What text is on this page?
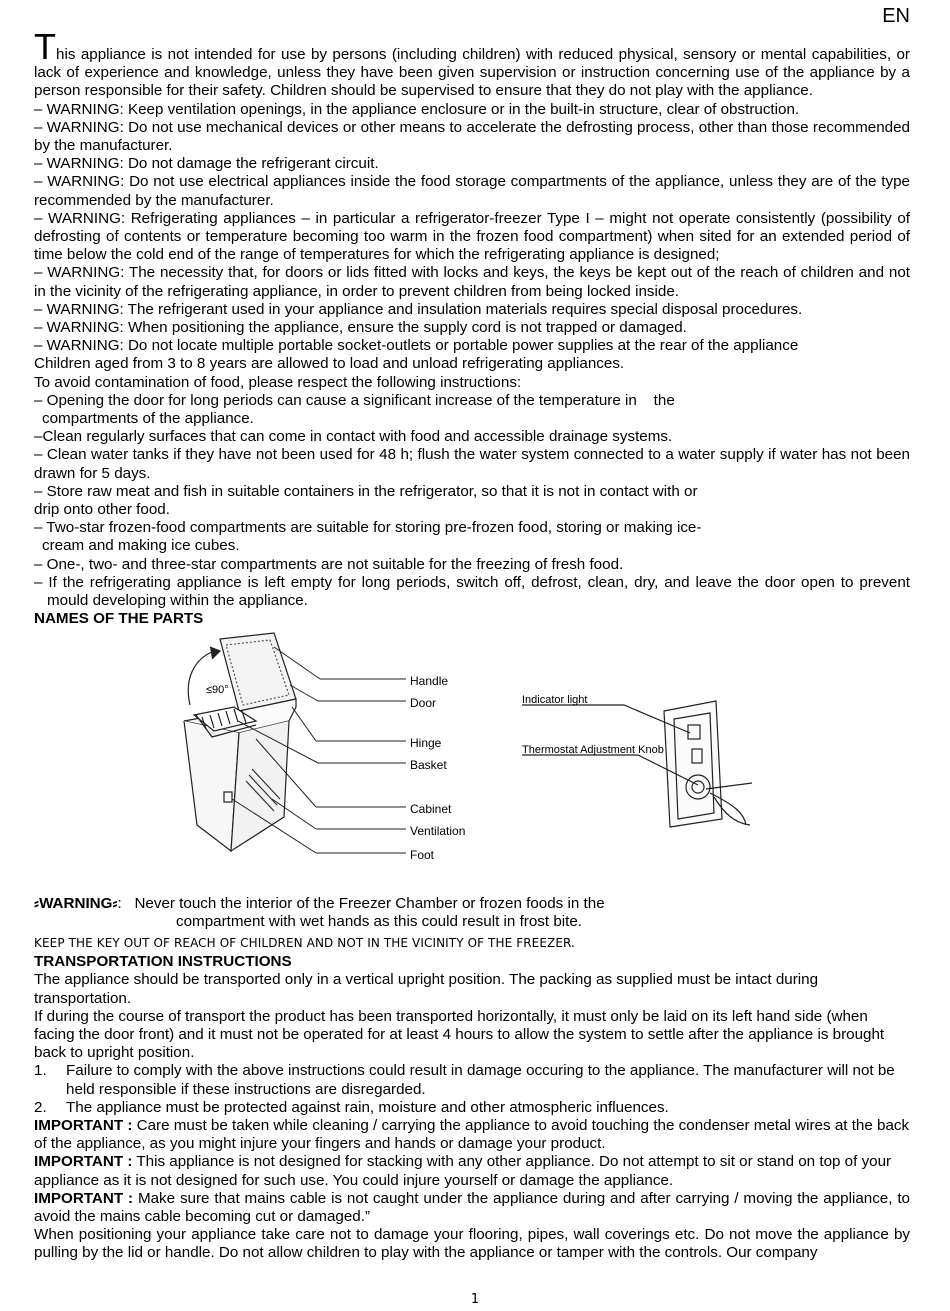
EN

This appliance is not intended for use by persons (including children) with reduced physical, sensory or mental capabilities, or lack of experience and knowledge, unless they have been given supervision or instruction concerning use of the appliance by a person responsible for their safety. Children should be supervised to ensure that they do not play with the appliance.

– WARNING: Keep ventilation openings, in the appliance enclosure or in the built-in structure, clear of obstruction.

– WARNING: Do not use mechanical devices or other means to accelerate the defrosting process, other than those recommended by the manufacturer.

– WARNING: Do not damage the refrigerant circuit.

– WARNING: Do not use electrical appliances inside the food storage compartments of the appliance, unless they are of the type recommended by the manufacturer.

– WARNING: Refrigerating appliances – in particular a refrigerator-freezer Type I – might not operate consistently (possibility of defrosting of contents or temperature becoming too warm in the frozen food compartment) when sited for an extended period of time below the cold end of the range of temperatures for which the refrigerating appliance is designed;

– WARNING: The necessity that, for doors or lids fitted with locks and keys, the keys be kept out of the reach of children and not in the vicinity of the refrigerating appliance, in order to prevent children from being locked inside.

– WARNING: The refrigerant used in your appliance and insulation materials requires special disposal procedures.

– WARNING: When positioning the appliance, ensure the supply cord is not trapped or damaged.

– WARNING: Do not locate multiple portable socket-outlets or portable power supplies at the rear of the appliance

Children aged from 3 to 8 years are allowed to load and unload refrigerating appliances.

To avoid contamination of food, please respect the following instructions:

– Opening the door for long periods can cause a significant increase of the temperature in    the

compartments of the appliance.

–Clean regularly surfaces that can come in contact with food and accessible drainage systems.

– Clean water tanks if they have not been used for 48 h; flush the water system connected to a water supply if water has not been drawn for 5 days.

– Store raw meat and fish in suitable containers in the refrigerator, so that it is not in contact with or

drip onto other food.

– Two-star frozen-food compartments are suitable for storing pre-frozen food, storing or making ice-

cream and making ice cubes.

– One-, two- and three-star compartments are not suitable for the freezing of fresh food.

– If the refrigerating appliance is left empty for long periods, switch off, defrost, clean, dry, and leave the door open to prevent mould developing within the appliance.

NAMES OF THE PARTS

≤90°
Handle
Door
Hinge
Basket
Cabinet
Ventilation
Foot
Indicator light
Thermostat Adjustment Knob
⸗WARNING⸗: Never touch the interior of the Freezer Chamber or frozen foods in the
compartment with wet hands as this could result in frost bite.
KEEP THE KEY OUT OF REACH OF CHILDREN AND NOT IN THE VICINITY OF THE FREEZER.

TRANSPORTATION INSTRUCTIONS

The appliance should be transported only in a vertical upright position. The packing as supplied must be intact during transportation.

If during the course of transport the product has been transported horizontally, it must only be laid on its left hand side (when facing the door front) and it must not be operated for at least 4 hours to allow the system to settle after the appliance is brought back to upright position.

1.	Failure to comply with the above instructions could result in damage occuring to the appliance. The manufacturer will not be held responsible if these instructions are disregarded.
2.	The appliance must be protected against rain, moisture and other atmospheric influences.

IMPORTANT : Care must be taken while cleaning / carrying the appliance to avoid touching the condenser metal wires at the back of the appliance, as you might injure your fingers and hands or damage your product.

IMPORTANT : This appliance is not designed for stacking with any other appliance. Do not attempt to sit or stand on top of your appliance as it is not designed for such use. You could injure yourself or damage the appliance.

IMPORTANT : Make sure that mains cable is not caught under the appliance during and after carrying / moving the appliance, to avoid the mains cable becoming cut or damaged.”

When positioning your appliance take care not to damage your flooring, pipes, wall coverings etc. Do not move the appliance by pulling by the lid or handle. Do not allow children to play with the appliance or tamper with the controls. Our company

1
